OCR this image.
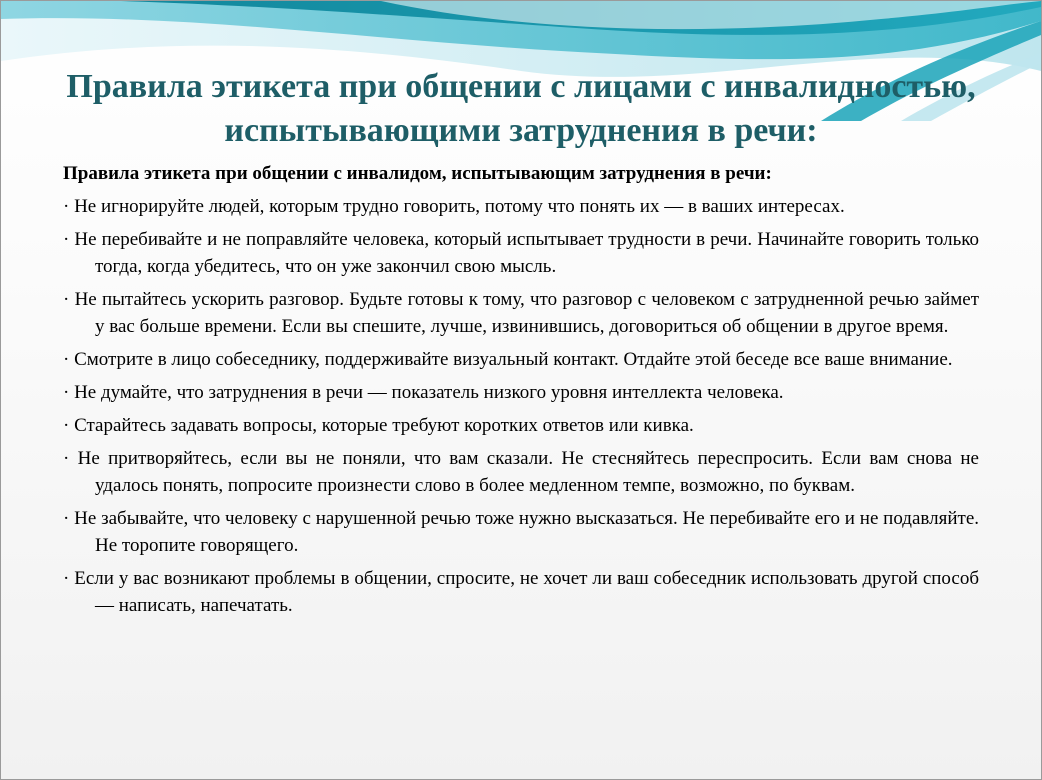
Правила этикета при общении с лицами с инвалидностью, испытывающими затруднения в речи:

Правила этикета при общении с инвалидом, испытывающим затруднения в речи:

· Не игнорируйте людей, которым трудно говорить, потому что понять их — в ваших интересах.

· Не перебивайте и не поправляйте человека, который испытывает трудности в речи. Начинайте говорить только тогда, когда убедитесь, что он уже закончил свою мысль.

· Не пытайтесь ускорить разговор. Будьте готовы к тому, что разговор с человеком с затрудненной речью займет у вас больше времени. Если вы спешите, лучше, извинившись, договориться об общении в другое время.

· Смотрите в лицо собеседнику, поддерживайте визуальный контакт. Отдайте этой беседе все ваше внимание.

· Не думайте, что затруднения в речи — показатель низкого уровня интеллекта человека.

· Старайтесь задавать вопросы, которые требуют коротких ответов или кивка.

· Не притворяйтесь, если вы не поняли, что вам сказали. Не стесняйтесь переспросить. Если вам снова не удалось понять, попросите произнести слово в более медленном темпе, возможно, по буквам.

· Не забывайте, что человеку с нарушенной речью тоже нужно высказаться. Не перебивайте его и не подавляйте. Не торопите говорящего.

· Если у вас возникают проблемы в общении, спросите, не хочет ли ваш собеседник использовать другой способ — написать, напечатать.
